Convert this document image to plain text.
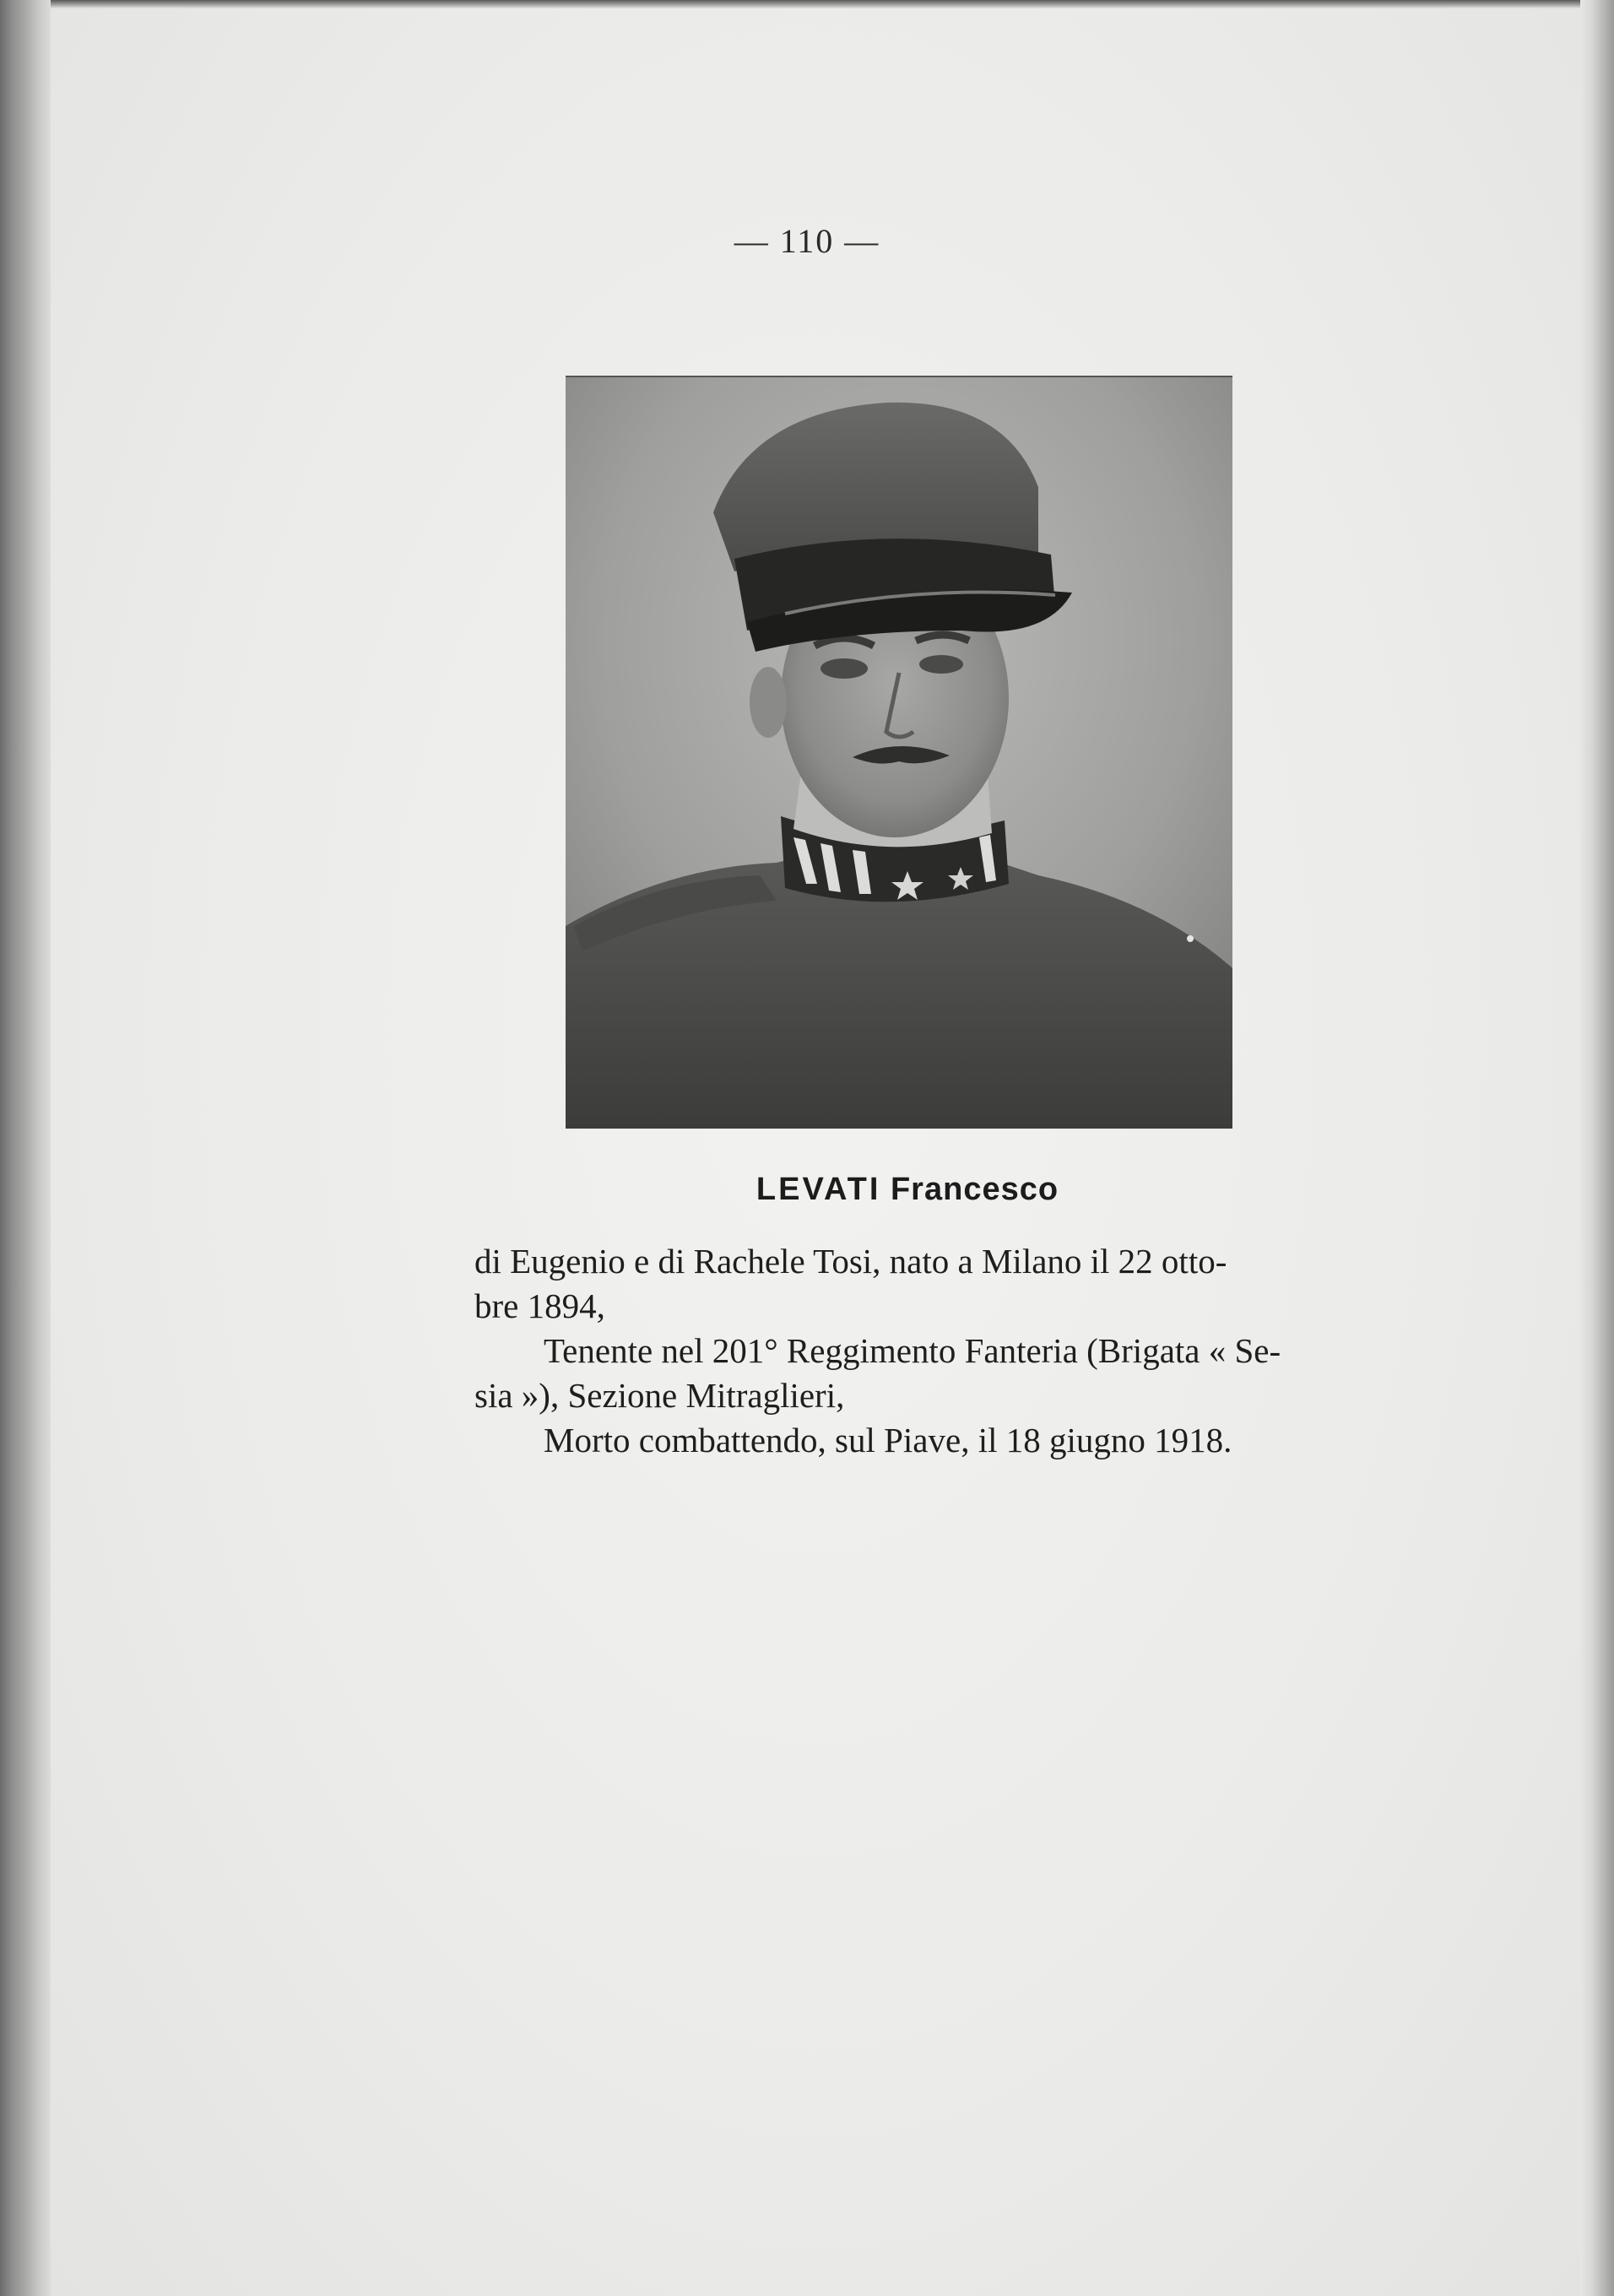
— 110 —
LEVATI Francesco
di Eugenio e di Rachele Tosi, nato a Milano il 22 otto-
bre 1894,
Tenente nel 201° Reggimento Fanteria (Brigata « Se-
sia »), Sezione Mitraglieri,
Morto combattendo, sul Piave, il 18 giugno 1918.
